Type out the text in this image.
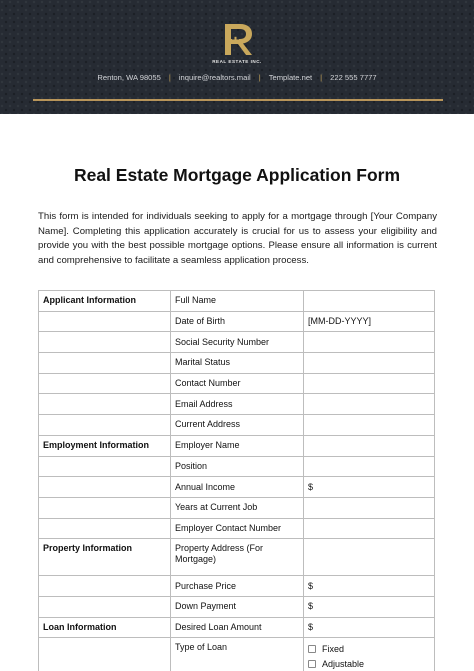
REAL ESTATE INC.
Renton, WA 98055 | inquire@realtors.mail | Template.net | 222 555 7777
Real Estate Mortgage Application Form

This form is intended for individuals seeking to apply for a mortgage through [Your Company Name]. Completing this application accurately is crucial for us to assess your eligibility and provide you with the best possible mortgage options. Please ensure all information is current and comprehensive to facilitate a seamless application process.

Applicant Information	Full Name	
	Date of Birth	[MM-DD-YYYY]
	Social Security Number	
	Marital Status	
	Contact Number	
	Email Address	
	Current Address	
Employment Information	Employer Name	
	Position	
	Annual Income	$
	Years at Current Job	
	Employer Contact Number	
Property Information	Property Address (For Mortgage)	
	Purchase Price	$
	Down Payment	$
Loan Information	Desired Loan Amount	$
	Type of Loan	Fixed
Adjustable
